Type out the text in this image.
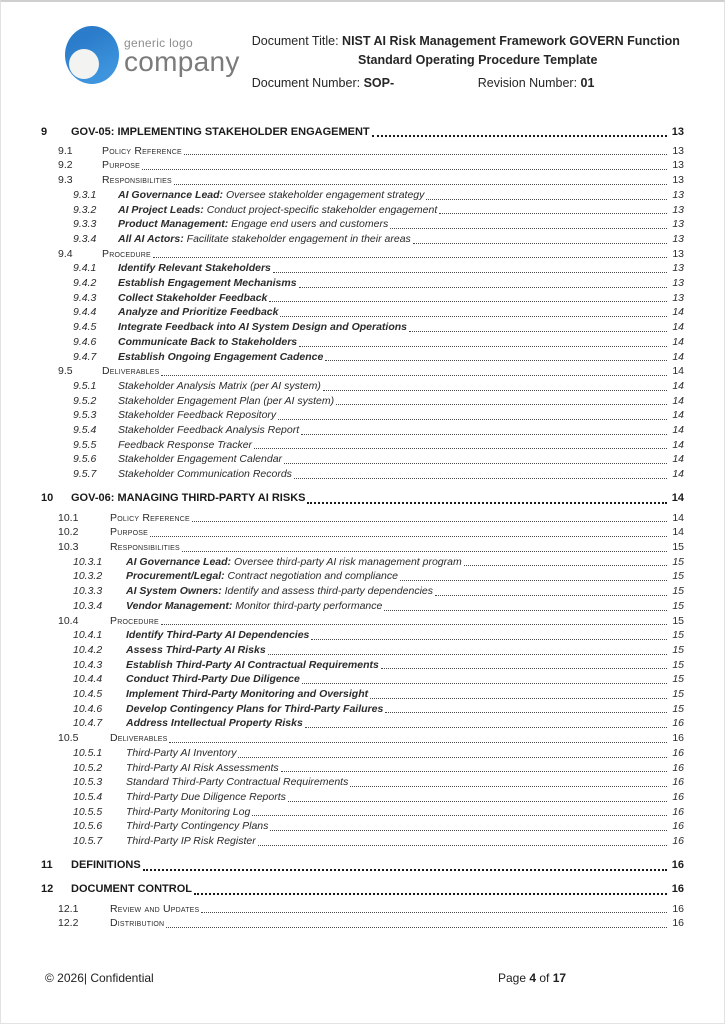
generic logo
company
Document Title: NIST AI Risk Management Framework GOVERN Function
Standard Operating Procedure Template
Document Number: SOP-	Revision Number: 01
9	GOV-05: IMPLEMENTING STAKEHOLDER ENGAGEMENT	13
9.1	Policy Reference	13
9.2	Purpose	13
9.3	Responsibilities	13
9.3.1	AI Governance Lead: Oversee stakeholder engagement strategy	13
9.3.2	AI Project Leads: Conduct project-specific stakeholder engagement	13
9.3.3	Product Management: Engage end users and customers	13
9.3.4	All AI Actors: Facilitate stakeholder engagement in their areas	13
9.4	Procedure	13
9.4.1	Identify Relevant Stakeholders	13
9.4.2	Establish Engagement Mechanisms	13
9.4.3	Collect Stakeholder Feedback	13
9.4.4	Analyze and Prioritize Feedback	14
9.4.5	Integrate Feedback into AI System Design and Operations	14
9.4.6	Communicate Back to Stakeholders	14
9.4.7	Establish Ongoing Engagement Cadence	14
9.5	Deliverables	14
9.5.1	Stakeholder Analysis Matrix (per AI system)	14
9.5.2	Stakeholder Engagement Plan (per AI system)	14
9.5.3	Stakeholder Feedback Repository	14
9.5.4	Stakeholder Feedback Analysis Report	14
9.5.5	Feedback Response Tracker	14
9.5.6	Stakeholder Engagement Calendar	14
9.5.7	Stakeholder Communication Records	14
10	GOV-06: MANAGING THIRD-PARTY AI RISKS	14
10.1	Policy Reference	14
10.2	Purpose	14
10.3	Responsibilities	15
10.3.1	AI Governance Lead: Oversee third-party AI risk management program	15
10.3.2	Procurement/Legal: Contract negotiation and compliance	15
10.3.3	AI System Owners: Identify and assess third-party dependencies	15
10.3.4	Vendor Management: Monitor third-party performance	15
10.4	Procedure	15
10.4.1	Identify Third-Party AI Dependencies	15
10.4.2	Assess Third-Party AI Risks	15
10.4.3	Establish Third-Party AI Contractual Requirements	15
10.4.4	Conduct Third-Party Due Diligence	15
10.4.5	Implement Third-Party Monitoring and Oversight	15
10.4.6	Develop Contingency Plans for Third-Party Failures	15
10.4.7	Address Intellectual Property Risks	16
10.5	Deliverables	16
10.5.1	Third-Party AI Inventory	16
10.5.2	Third-Party AI Risk Assessments	16
10.5.3	Standard Third-Party Contractual Requirements	16
10.5.4	Third-Party Due Diligence Reports	16
10.5.5	Third-Party Monitoring Log	16
10.5.6	Third-Party Contingency Plans	16
10.5.7	Third-Party IP Risk Register	16
11	DEFINITIONS	16
12	DOCUMENT CONTROL	16
12.1	Review and Updates	16
12.2	Distribution	16
© 2026| Confidential	Page 4 of 17
